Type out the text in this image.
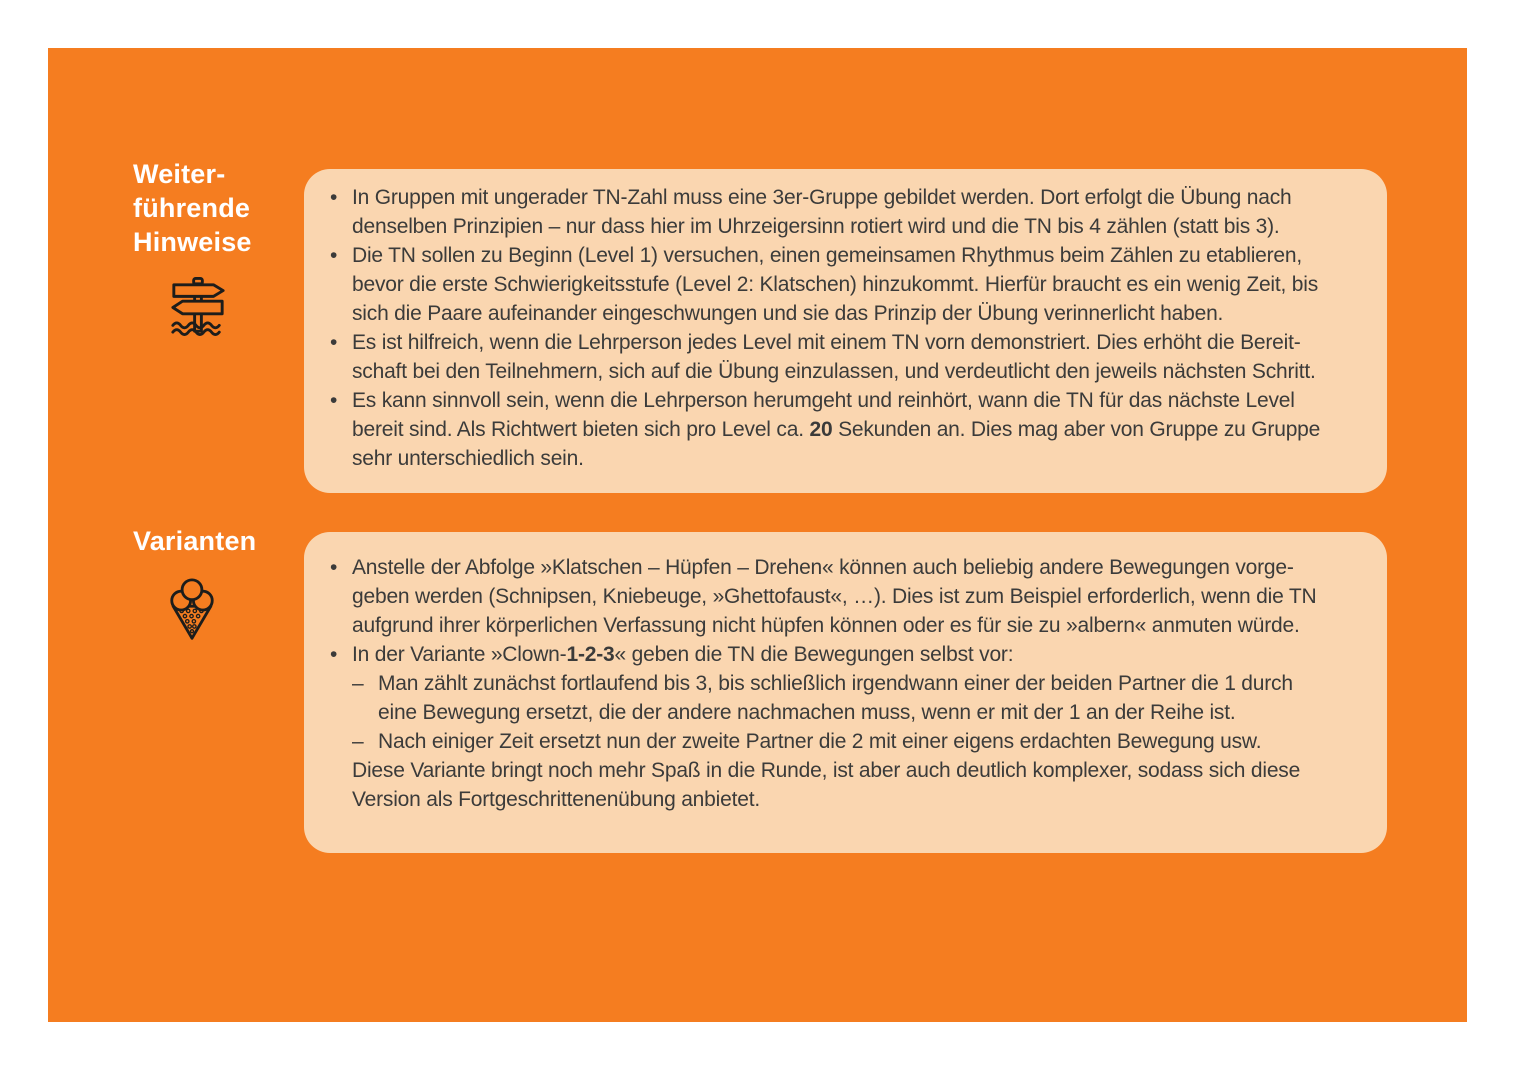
Weiter-
führende
Hinweise
• In Gruppen mit ungerader TN-Zahl muss eine 3er-Gruppe gebildet werden. Dort erfolgt die Übung nach
denselben Prinzipien – nur dass hier im Uhrzeigersinn rotiert wird und die TN bis 4 zählen (statt bis 3).
• Die TN sollen zu Beginn (Level 1) versuchen, einen gemeinsamen Rhythmus beim Zählen zu etablieren,
bevor die erste Schwierigkeitsstufe (Level 2: Klatschen) hinzukommt. Hierfür braucht es ein wenig Zeit, bis
sich die Paare aufeinander eingeschwungen und sie das Prinzip der Übung verinnerlicht haben.
• Es ist hilfreich, wenn die Lehrperson jedes Level mit einem TN vorn demonstriert. Dies erhöht die Bereit-
schaft bei den Teilnehmern, sich auf die Übung einzulassen, und verdeutlicht den jeweils nächsten Schritt.
• Es kann sinnvoll sein, wenn die Lehrperson herumgeht und reinhört, wann die TN für das nächste Level
bereit sind. Als Richtwert bieten sich pro Level ca. 20 Sekunden an. Dies mag aber von Gruppe zu Gruppe
sehr unterschiedlich sein.
Varianten
• Anstelle der Abfolge »Klatschen – Hüpfen – Drehen« können auch beliebig andere Bewegungen vorge-
geben werden (Schnipsen, Kniebeuge, »Ghettofaust«, …). Dies ist zum Beispiel erforderlich, wenn die TN
aufgrund ihrer körperlichen Verfassung nicht hüpfen können oder es für sie zu »albern« anmuten würde.
• In der Variante »Clown-1-2-3« geben die TN die Bewegungen selbst vor:
– Man zählt zunächst fortlaufend bis 3, bis schließlich irgendwann einer der beiden Partner die 1 durch
eine Bewegung ersetzt, die der andere nachmachen muss, wenn er mit der 1 an der Reihe ist.
– Nach einiger Zeit ersetzt nun der zweite Partner die 2 mit einer eigens erdachten Bewegung usw.
Diese Variante bringt noch mehr Spaß in die Runde, ist aber auch deutlich komplexer, sodass sich diese
Version als Fortgeschrittenenübung anbietet.
